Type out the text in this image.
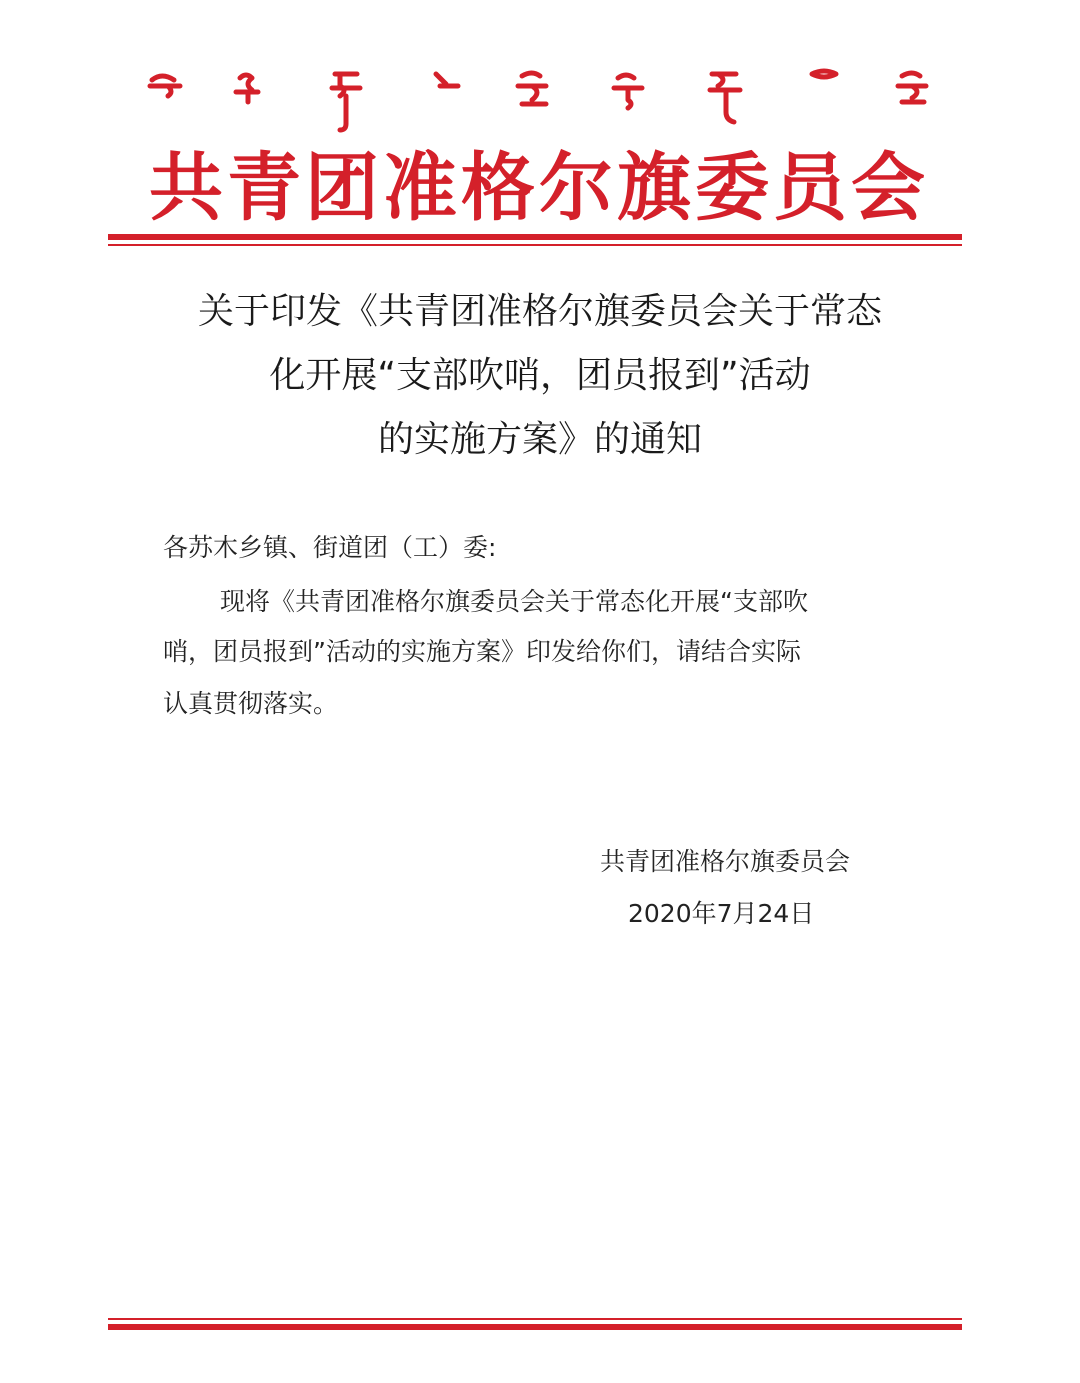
共青团准格尔旗委员会
关于印发《共青团准格尔旗委员会关于常态
化开展“支部吹哨，团员报到”活动
的实施方案》的通知
各苏木乡镇、街道团（工）委:
现将《共青团准格尔旗委员会关于常态化开展“支部吹
哨，团员报到”活动的实施方案》印发给你们，请结合实际
认真贯彻落实。
共青团准格尔旗委员会
2020年7月24日
